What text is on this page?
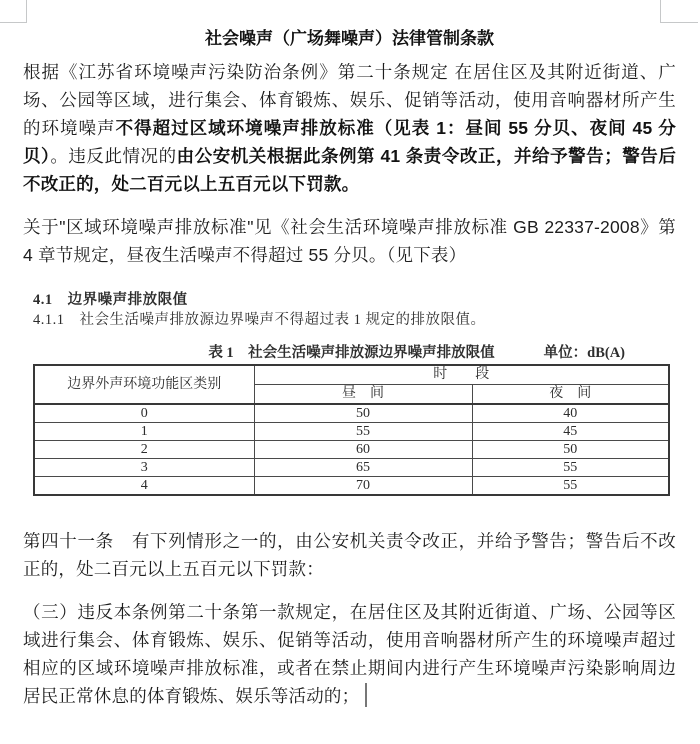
社会噪声（广场舞噪声）法律管制条款

根据《江苏省环境噪声污染防治条例》第二十条规定 在居住区及其附近街道、广场、公园等区域，进行集会、体育锻炼、娱乐、促销等活动，使用音响器材所产生的环境噪声不得超过区域环境噪声排放标准（见表 1：昼间 55 分贝、夜间 45 分贝）。违反此情况的由公安机关根据此条例第 41 条责令改正，并给予警告；警告后不改正的，处二百元以上五百元以下罚款。

关于"区域环境噪声排放标准"见《社会生活环境噪声排放标准 GB 22337-2008》第 4 章节规定，昼夜生活噪声不得超过 55 分贝。（见下表）

4.1　边界噪声排放限值
4.1.1　社会生活噪声排放源边界噪声不得超过表 1 规定的排放限值。
表 1　社会生活噪声排放源边界噪声排放限值	单位：dB(A)
边界外声环境功能区类别	时　　段	
	昼　间	夜　间
0	50	40
1	55	45
2	60	50
3	65	55
4	70	55

第四十一条　有下列情形之一的，由公安机关责令改正，并给予警告；警告后不改正的，处二百元以上五百元以下罚款：

（三）违反本条例第二十条第一款规定，在居住区及其附近街道、广场、公园等区域进行集会、体育锻炼、娱乐、促销等活动，使用音响器材所产生的环境噪声超过相应的区域环境噪声排放标准，或者在禁止期间内进行产生环境噪声污染影响周边居民正常休息的体育锻炼、娱乐等活动的；
